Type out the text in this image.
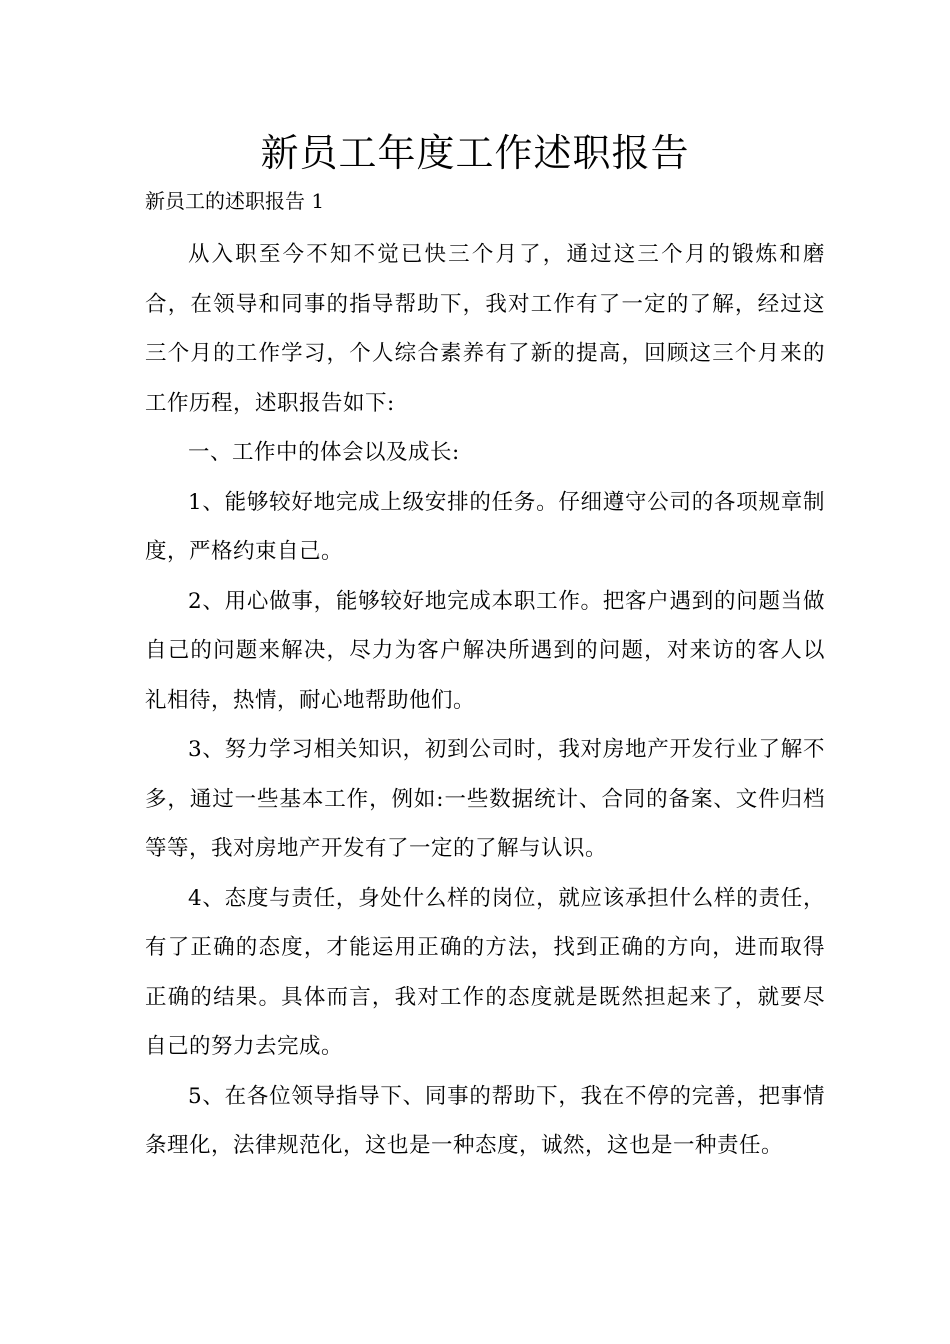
新员工年度工作述职报告

新员工的述职报告 1

从入职至今不知不觉已快三个月了，通过这三个月的锻炼和磨合，在领导和同事的指导帮助下，我对工作有了一定的了解，经过这三个月的工作学习，个人综合素养有了新的提高，回顾这三个月来的工作历程，述职报告如下:

一、工作中的体会以及成长:

1、能够较好地完成上级安排的任务。仔细遵守公司的各项规章制度，严格约束自己。

2、用心做事，能够较好地完成本职工作。把客户遇到的问题当做自己的问题来解决，尽力为客户解决所遇到的问题，对来访的客人以礼相待，热情，耐心地帮助他们。

3、努力学习相关知识，初到公司时，我对房地产开发行业了解不多，通过一些基本工作，例如:一些数据统计、合同的备案、文件归档等等，我对房地产开发有了一定的了解与认识。

4、态度与责任，身处什么样的岗位，就应该承担什么样的责任，有了正确的态度，才能运用正确的方法，找到正确的方向，进而取得正确的结果。具体而言，我对工作的态度就是既然担起来了，就要尽自己的努力去完成。

5、在各位领导指导下、同事的帮助下，我在不停的完善，把事情条理化，法律规范化，这也是一种态度，诚然，这也是一种责任。
